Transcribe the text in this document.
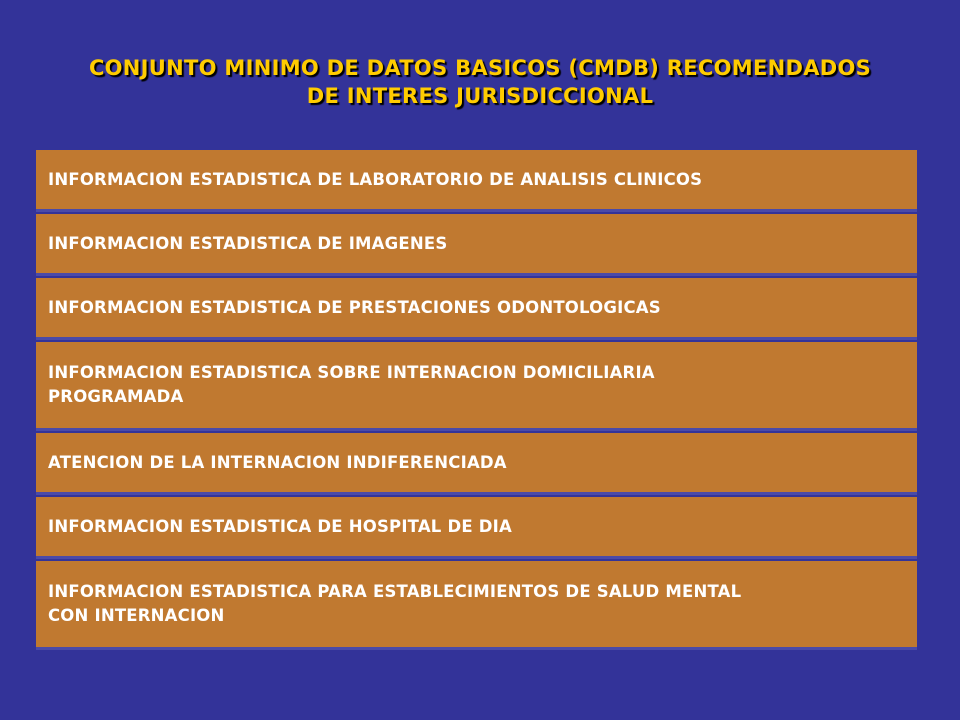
CONJUNTO MINIMO DE DATOS BASICOS (CMDB) RECOMENDADOS
DE INTERES JURISDICCIONAL
INFORMACION ESTADISTICA DE LABORATORIO DE ANALISIS CLINICOS
INFORMACION ESTADISTICA DE IMAGENES
INFORMACION ESTADISTICA DE PRESTACIONES ODONTOLOGICAS
INFORMACION ESTADISTICA SOBRE INTERNACION DOMICILIARIA
PROGRAMADA
ATENCION DE LA INTERNACION INDIFERENCIADA
INFORMACION ESTADISTICA DE HOSPITAL DE DIA
INFORMACION ESTADISTICA PARA ESTABLECIMIENTOS DE SALUD MENTAL
CON INTERNACION
